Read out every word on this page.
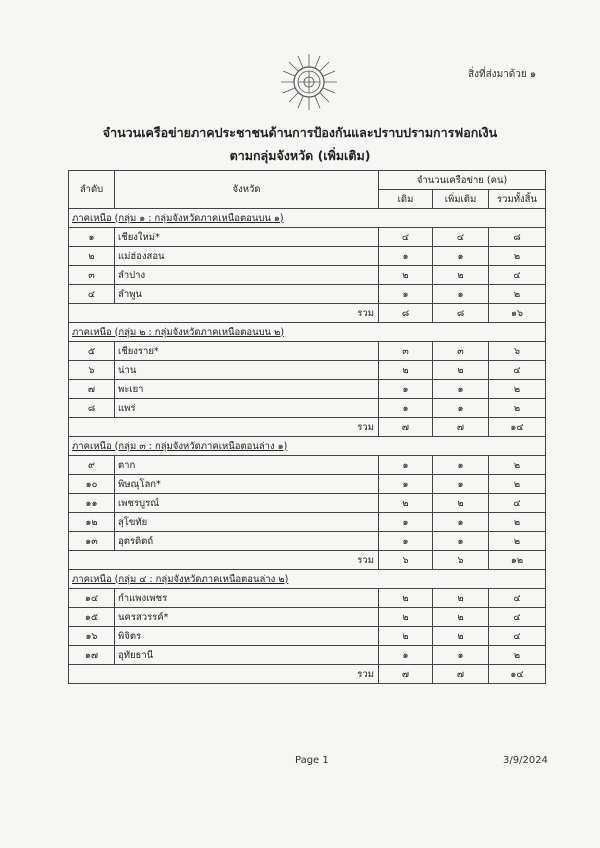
สิ่งที่ส่งมาด้วย ๑
จำนวนเครือข่ายภาคประชาชนด้านการป้องกันและปราบปรามการฟอกเงิน
ตามกลุ่มจังหวัด (เพิ่มเติม)
ลำดับ	จังหวัด	จำนวนเครือข่าย (คน)		
		เดิม	เพิ่มเติม	รวมทั้งสิ้น
ภาคเหนือ (กลุ่ม ๑ : กลุ่มจังหวัดภาคเหนือตอนบน ๑)				
๑	เชียงใหม่*	๔	๔	๘
๒	แม่ฮ่องสอน	๑	๑	๒
๓	ลำปาง	๒	๒	๔
๔	ลำพูน	๑	๑	๒
รวม		๘	๘	๑๖
ภาคเหนือ (กลุ่ม ๒ : กลุ่มจังหวัดภาคเหนือตอนบน ๒)				
๕	เชียงราย*	๓	๓	๖
๖	น่าน	๒	๒	๔
๗	พะเยา	๑	๑	๒
๘	แพร่	๑	๑	๒
รวม		๗	๗	๑๔
ภาคเหนือ (กลุ่ม ๓ : กลุ่มจังหวัดภาคเหนือตอนล่าง ๑)				
๙	ตาก	๑	๑	๒
๑๐	พิษณุโลก*	๑	๑	๒
๑๑	เพชรบูรณ์	๒	๒	๔
๑๒	สุโขทัย	๑	๑	๒
๑๓	อุตรดิตถ์	๑	๑	๒
รวม		๖	๖	๑๒
ภาคเหนือ (กลุ่ม ๔ : กลุ่มจังหวัดภาคเหนือตอนล่าง ๒)				
๑๔	กำแพงเพชร	๒	๒	๔
๑๕	นครสวรรค์*	๒	๒	๔
๑๖	พิจิตร	๒	๒	๔
๑๗	อุทัยธานี	๑	๑	๒
รวม		๗	๗	๑๔
Page 1	3/9/2024
